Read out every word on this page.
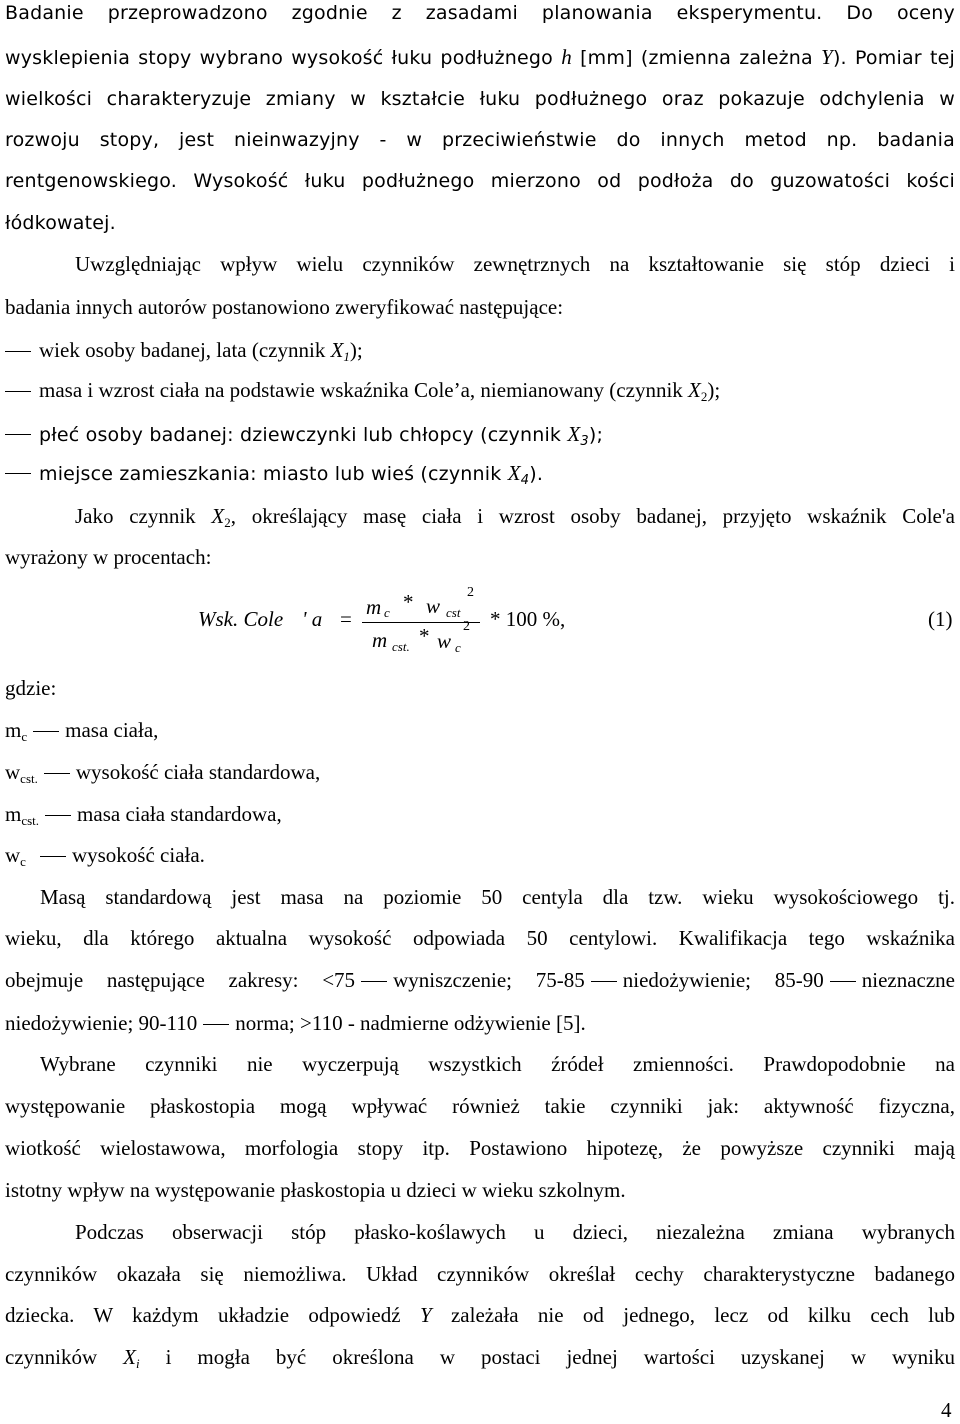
Badanie przeprowadzono zgodnie z zasadami planowania eksperymentu. Do oceny
wysklepienia stopy wybrano wysokość łuku podłużnego h [mm] (zmienna zależna Y). Pomiar tej
wielkości charakteryzuje zmiany w kształcie łuku podłużnego oraz pokazuje odchylenia w
rozwoju stopy, jest nieinwazyjny - w przeciwieństwie do innych metod np. badania
rentgenowskiego. Wysokość łuku podłużnego mierzono od podłoża do guzowatości kości
łódkowatej.
Uwzględniając wpływ wielu czynników zewnętrznych na kształtowanie się stóp dzieci i
badania innych autorów postanowiono zweryfikować następujące:
wiek osoby badanej, lata (czynnik $X_1$);
masa i wzrost ciała na podstawie wskaźnika Cole’a, niemianowany (czynnik $X_2$);
płeć osoby badanej: dziewczynki lub chłopcy (czynnik $X_3$);
miejsce zamieszkania: miasto lub wieś (czynnik $X_4$).
Jako czynnik $X_2$, określający masę ciała i wzrost osoby badanej, przyjęto wskaźnik Cole'a
wyrażony w procentach:
Wsk. Cole ' a = m c * w cst
2
m cst. * w c
2 * 100 %,	(1)
gdzie:
$m_c$ masa ciała,
$w_{cst.}$ wysokość ciała standardowa,
$m_{cst.}$ masa ciała standardowa,
$w_c$ wysokość ciała.
Masą standardową jest masa na poziomie 50 centyla dla tzw. wieku wysokościowego tj.
wieku, dla którego aktualna wysokość odpowiada 50 centylowi. Kwalifikacja tego wskaźnika
obejmuje następujące zakresy: <75 wyniszczenie; 75-85 niedożywienie; 85-90 nieznaczne
niedożywienie; 90-110 norma; >110 - nadmierne odżywienie [5].
Wybrane czynniki nie wyczerpują wszystkich źródeł zmienności. Prawdopodobnie na
występowanie płaskostopia mogą wpływać również takie czynniki jak: aktywność fizyczna,
wiotkość wielostawowa, morfologia stopy itp. Postawiono hipotezę, że powyższe czynniki mają
istotny wpływ na występowanie płaskostopia u dzieci w wieku szkolnym.
Podczas obserwacji stóp płasko-koślawych u dzieci, niezależna zmiana wybranych
czynników okazała się niemożliwa. Układ czynników określał cechy charakterystyczne badanego
dziecka. W każdym układzie odpowiedź Y zależała nie od jednego, lecz od kilku cech lub
czynników $X_i$ i mogła być określona w postaci jednej wartości uzyskanej w wyniku
4
